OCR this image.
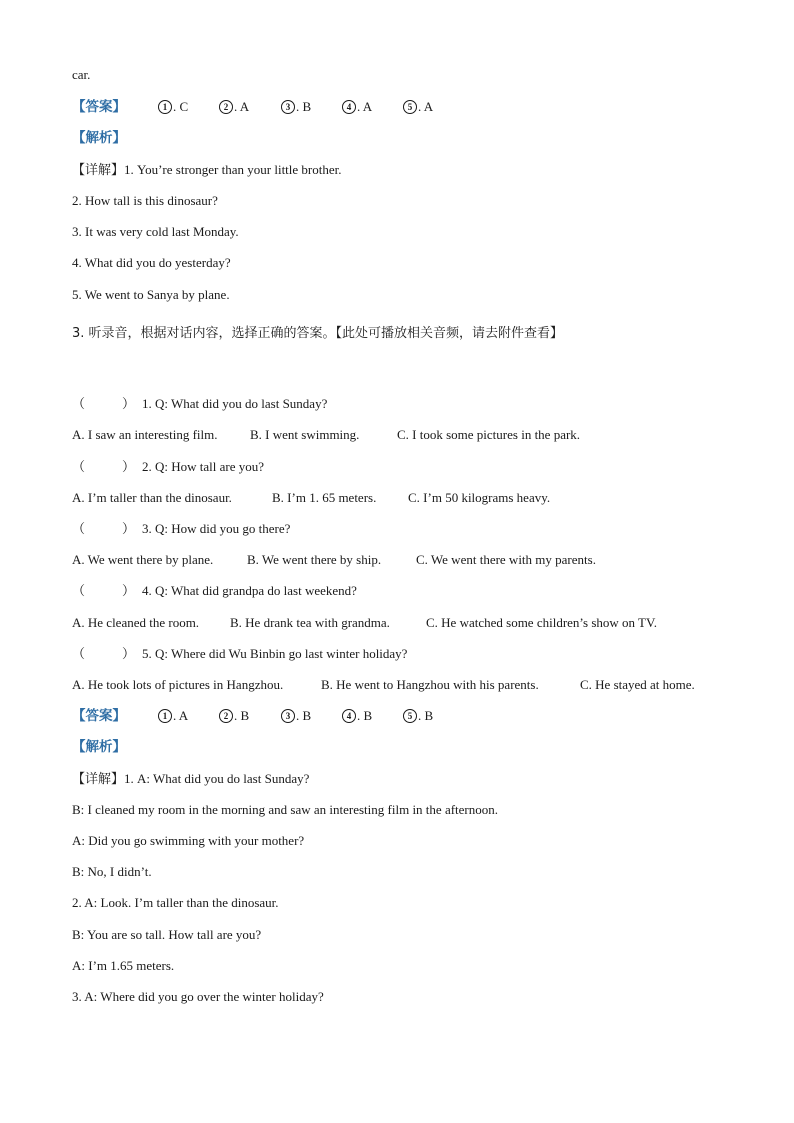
car.
【答案】	1 . C	2 . A	3 . B	4 . A	5 . A
【解析】
【详解】1. You’re stronger than your little brother.
2. How tall is this dinosaur?
3. It was very cold last Monday.
4. What did you do yesterday?
5. We went to Sanya by plane.
3. 听录音，根据对话内容，选择正确的答案。【此处可播放相关音频，请去附件查看】
（	） 1. Q: What did you do last Sunday?
A. I saw an interesting film.	B. I went swimming.	C. I took some pictures in the park.
（	） 2. Q: How tall are you?
A. I’m taller than the dinosaur.	B. I’m 1. 65 meters. C. I’m 50 kilograms heavy.
（	） 3. Q: How did you go there?
A. We went there by plane.	B. We went there by ship.	C. We went there with my parents.
（	） 4. Q: What did grandpa do last weekend?
A. He cleaned the room. B. He drank tea with grandma.	C. He watched some children’s show on TV.
（	） 5. Q: Where did Wu Binbin go last winter holiday?
A. He took lots of pictures in Hangzhou.	B. He went to Hangzhou with his parents.	C. He stayed at home.
【答案】	1 . A	2 . B	3 . B	4 . B	5 . B
【解析】
【详解】1. A: What did you do last Sunday?
B: I cleaned my room in the morning and saw an interesting film in the afternoon.
A: Did you go swimming with your mother?
B: No, I didn’t.
2. A: Look. I’m taller than the dinosaur.
B: You are so tall. How tall are you?
A: I’m 1.65 meters.
3. A: Where did you go over the winter holiday?
